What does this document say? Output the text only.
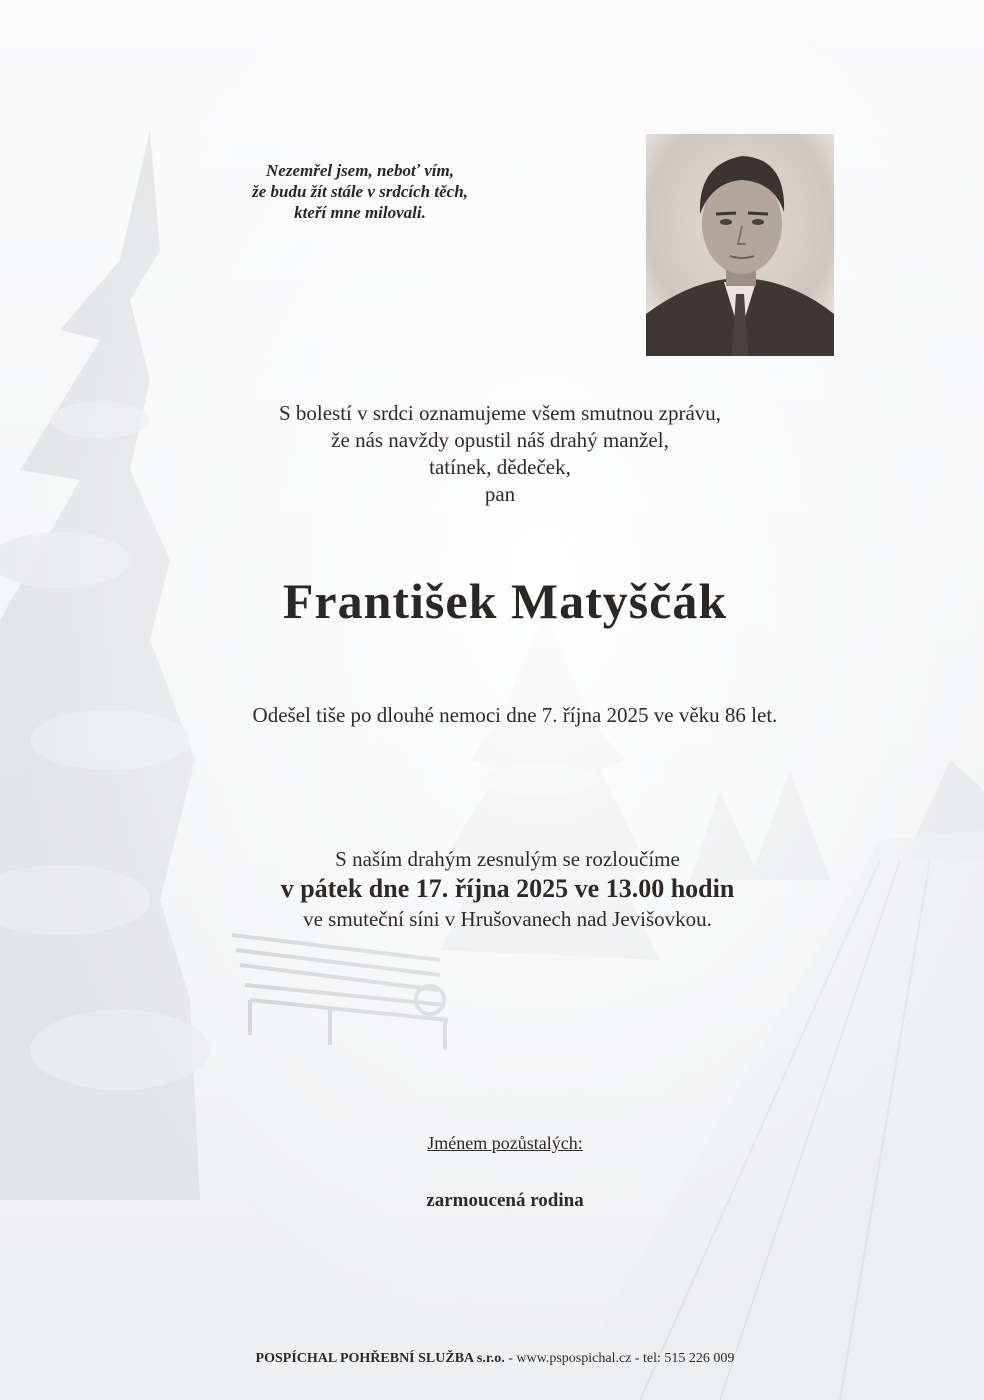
Nezemřel jsem, neboť vím,
že budu žít stále v srdcích těch,
kteří mne milovali.
S bolestí v srdci oznamujeme všem smutnou zprávu,
že nás navždy opustil náš drahý manžel,
tatínek, dědeček,
pan
František Matyščák
Odešel tiše po dlouhé nemoci dne 7. října 2025 ve věku 86 let.
S naším drahým zesnulým se rozloučíme
v pátek dne 17. října 2025 ve 13.00 hodin
ve smuteční síni v Hrušovanech nad Jevišovkou.
Jménem pozůstalých:
zarmoucená rodina
POSPÍCHAL POHŘEBNÍ SLUŽBA s.r.o. - www.pspospichal.cz - tel: 515 226 009
